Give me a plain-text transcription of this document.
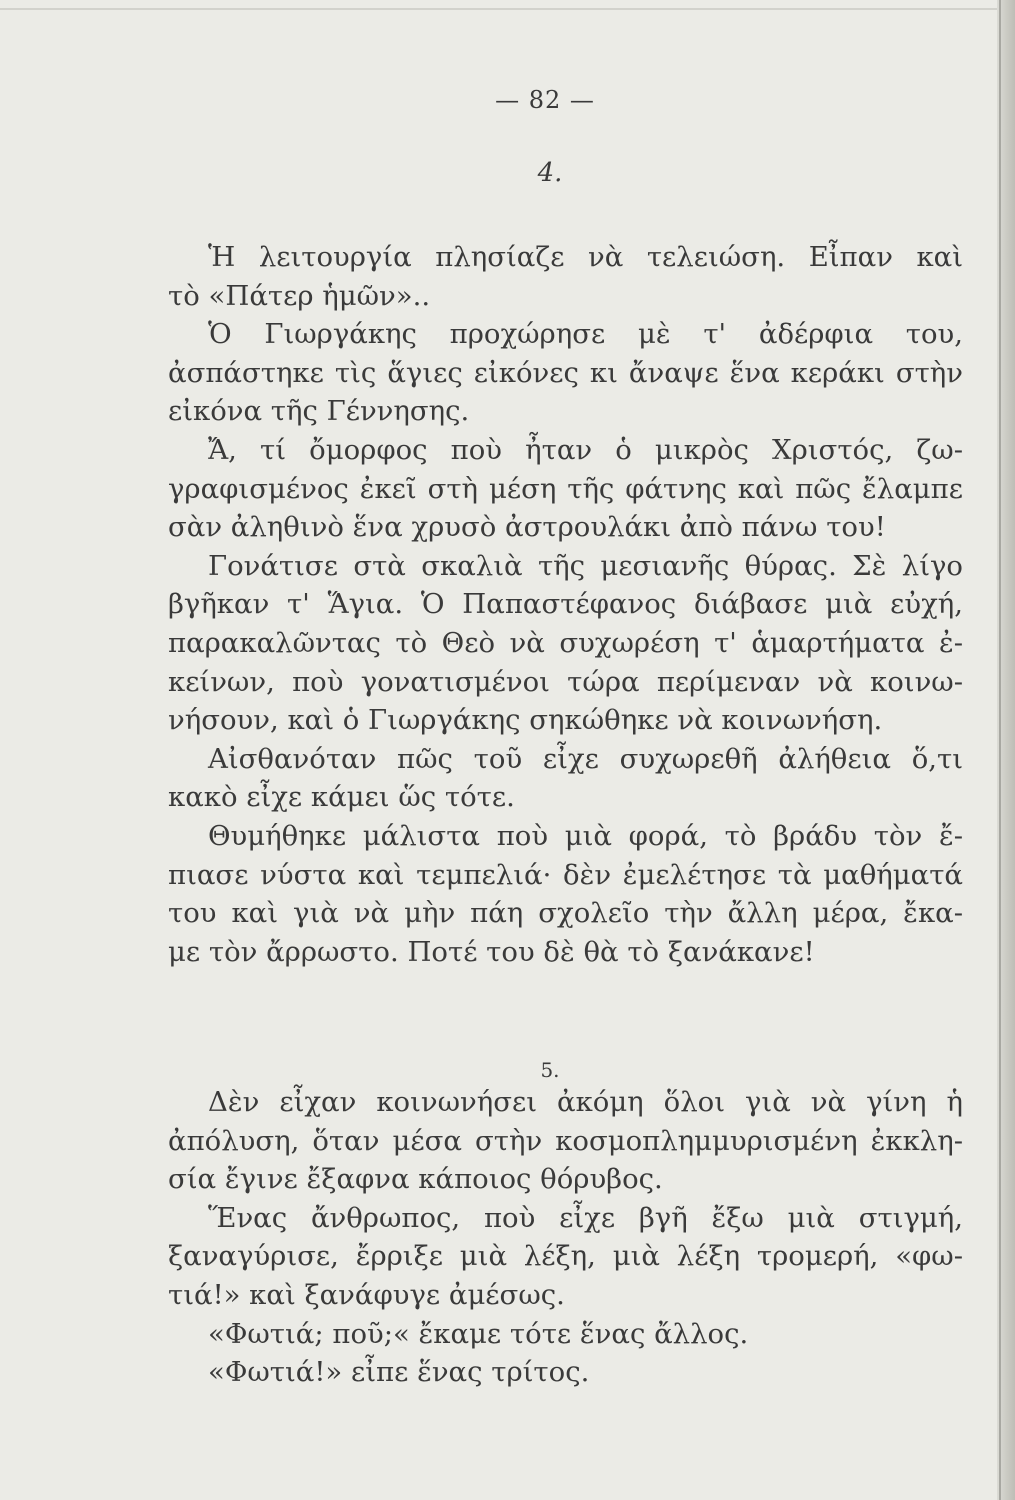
— 82 —
4.
Ἡ λειτουργία πλησίαζε νὰ τελειώση. Εἶπαν καὶ
τὸ «Πάτερ ἡμῶν»..
Ὁ Γιωργάκης προχώρησε μὲ τ' ἀδέρφια του,
ἀσπάστηκε τὶς ἅγιες εἰκόνες κι ἄναψε ἕνα κεράκι στὴν
εἰκόνα τῆς Γέννησης.
Ἄ, τί ὄμορφος ποὺ ἦταν ὁ μικρὸς Χριστός, ζω-
γραφισμένος ἐκεῖ στὴ μέση τῆς φάτνης καὶ πῶς ἔλαμπε
σὰν ἀληθινὸ ἕνα χρυσὸ ἀστρουλάκι ἀπὸ πάνω του!
Γονάτισε στὰ σκαλιὰ τῆς μεσιανῆς θύρας. Σὲ λίγο
βγῆκαν τ' Ἅγια. Ὁ Παπαστέφανος διάβασε μιὰ εὐχή,
παρακαλῶντας τὸ Θεὸ νὰ συχωρέση τ' ἁμαρτήματα ἐ-
κείνων, ποὺ γονατισμένοι τώρα περίμεναν νὰ κοινω-
νήσουν, καὶ ὁ Γιωργάκης σηκώθηκε νὰ κοινωνήση.
Αἰσθανόταν πῶς τοῦ εἶχε συχωρεθῆ ἀλήθεια ὅ,τι
κακὸ εἶχε κάμει ὥς τότε.
Θυμήθηκε μάλιστα ποὺ μιὰ φορά, τὸ βράδυ τὸν ἔ-
πιασε νύστα καὶ τεμπελιά· δὲν ἐμελέτησε τὰ μαθήματά
του καὶ γιὰ νὰ μὴν πάη σχολεῖο τὴν ἄλλη μέρα, ἔκα-
με τὸν ἄρρωστο. Ποτέ του δὲ θὰ τὸ ξανάκανε!
5.
Δὲν εἶχαν κοινωνήσει ἀκόμη ὅλοι γιὰ νὰ γίνη ἡ
ἀπόλυση, ὅταν μέσα στὴν κοσμοπλημμυρισμένη ἐκκλη-
σία ἔγινε ἔξαφνα κάποιος θόρυβος.
Ἕνας ἄνθρωπος, ποὺ εἶχε βγῆ ἔξω μιὰ στιγμή,
ξαναγύρισε, ἔρριξε μιὰ λέξη, μιὰ λέξη τρομερή, «φω-
τιά!» καὶ ξανάφυγε ἀμέσως.
«Φωτιά; ποῦ;« ἔκαμε τότε ἕνας ἄλλος.
«Φωτιά!» εἶπε ἕνας τρίτος.
